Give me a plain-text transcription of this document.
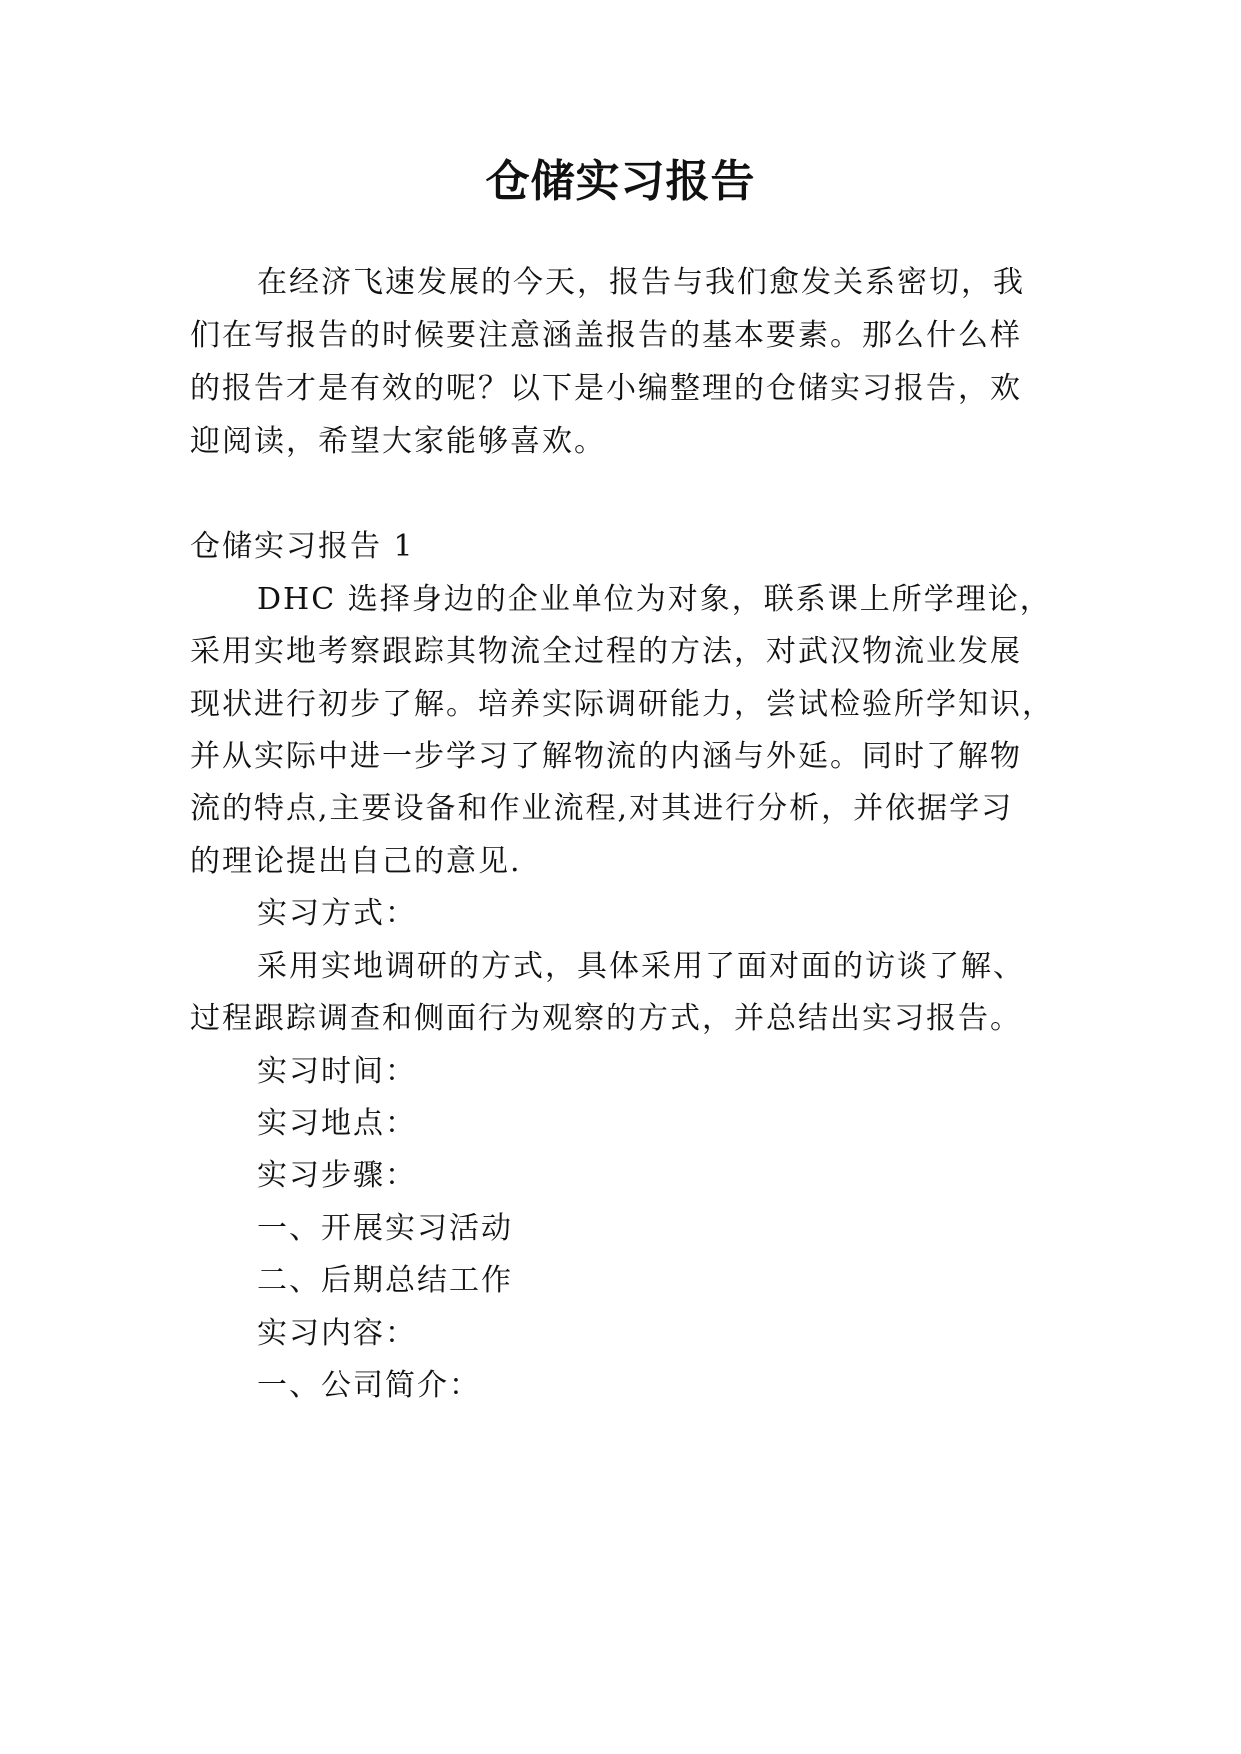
仓储实习报告
在经济飞速发展的今天，报告与我们愈发关系密切，我
们在写报告的时候要注意涵盖报告的基本要素。那么什么样
的报告才是有效的呢？以下是小编整理的仓储实习报告，欢
迎阅读，希望大家能够喜欢。
仓储实习报告 1
DHC 选择身边的企业单位为对象，联系课上所学理论，
采用实地考察跟踪其物流全过程的方法，对武汉物流业发展
现状进行初步了解。培养实际调研能力，尝试检验所学知识，
并从实际中进一步学习了解物流的内涵与外延。同时了解物
流的特点,主要设备和作业流程,对其进行分析，并依据学习
的理论提出自己的意见.
实习方式：
采用实地调研的方式，具体采用了面对面的访谈了解、
过程跟踪调查和侧面行为观察的方式，并总结出实习报告。
实习时间：
实习地点：
实习步骤：
一、开展实习活动
二、后期总结工作
实习内容：
一、公司简介：
